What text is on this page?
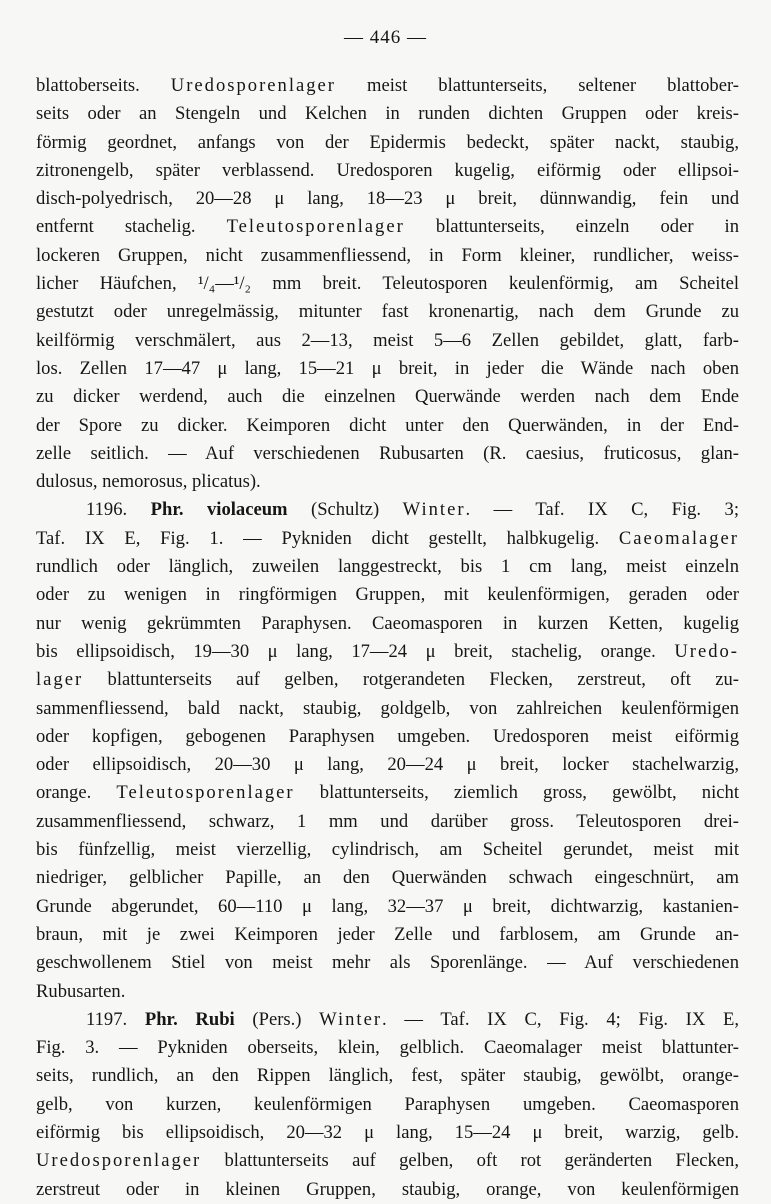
— 446 —
blattoberseits. Uredosporenlager meist blattunterseits, seltener blattober-
seits oder an Stengeln und Kelchen in runden dichten Gruppen oder kreis-
förmig geordnet, anfangs von der Epidermis bedeckt, später nackt, staubig,
zitronengelb, später verblassend. Uredosporen kugelig, eiförmig oder ellipsoi-
disch-polyedrisch, 20—28 μ lang, 18—23 μ breit, dünnwandig, fein und
entfernt stachelig. Teleutosporenlager blattunterseits, einzeln oder in
lockeren Gruppen, nicht zusammenfliessend, in Form kleiner, rundlicher, weiss-
licher Häufchen, ¹/₄—¹/₂ mm breit. Teleutosporen keulenförmig, am Scheitel
gestutzt oder unregelmässig, mitunter fast kronenartig, nach dem Grunde zu
keilförmig verschmälert, aus 2—13, meist 5—6 Zellen gebildet, glatt, farb-
los. Zellen 17—47 μ lang, 15—21 μ breit, in jeder die Wände nach oben
zu dicker werdend, auch die einzelnen Querwände werden nach dem Ende
der Spore zu dicker. Keimporen dicht unter den Querwänden, in der End-
zelle seitlich. — Auf verschiedenen Rubusarten (R. caesius, fruticosus, glan-
dulosus, nemorosus, plicatus).
1196. Phr. violaceum (Schultz) Winter. — Taf. IX C, Fig. 3;
Taf. IX E, Fig. 1. — Pykniden dicht gestellt, halbkugelig. Caeomalager
rundlich oder länglich, zuweilen langgestreckt, bis 1 cm lang, meist einzeln
oder zu wenigen in ringförmigen Gruppen, mit keulenförmigen, geraden oder
nur wenig gekrümmten Paraphysen. Caeomasporen in kurzen Ketten, kugelig
bis ellipsoidisch, 19—30 μ lang, 17—24 μ breit, stachelig, orange. Uredo-
lager blattunterseits auf gelben, rotgerandeten Flecken, zerstreut, oft zu-
sammenfliessend, bald nackt, staubig, goldgelb, von zahlreichen keulenförmigen
oder kopfigen, gebogenen Paraphysen umgeben. Uredosporen meist eiförmig
oder ellipsoidisch, 20—30 μ lang, 20—24 μ breit, locker stachelwarzig,
orange. Teleutosporenlager blattunterseits, ziemlich gross, gewölbt, nicht
zusammenfliessend, schwarz, 1 mm und darüber gross. Teleutosporen drei-
bis fünfzellig, meist vierzellig, cylindrisch, am Scheitel gerundet, meist mit
niedriger, gelblicher Papille, an den Querwänden schwach eingeschnürt, am
Grunde abgerundet, 60—110 μ lang, 32—37 μ breit, dichtwarzig, kastanien-
braun, mit je zwei Keimporen jeder Zelle und farblosem, am Grunde an-
geschwollenem Stiel von meist mehr als Sporenlänge. — Auf verschiedenen
Rubusarten.
1197. Phr. Rubi (Pers.) Winter. — Taf. IX C, Fig. 4; Fig. IX E,
Fig. 3. — Pykniden oberseits, klein, gelblich. Caeomalager meist blattunter-
seits, rundlich, an den Rippen länglich, fest, später staubig, gewölbt, orange-
gelb, von kurzen, keulenförmigen Paraphysen umgeben. Caeomasporen
eiförmig bis ellipsoidisch, 20—32 μ lang, 15—24 μ breit, warzig, gelb.
Uredosporenlager blattunterseits auf gelben, oft rot geränderten Flecken,
zerstreut oder in kleinen Gruppen, staubig, orange, von keulenförmigen
